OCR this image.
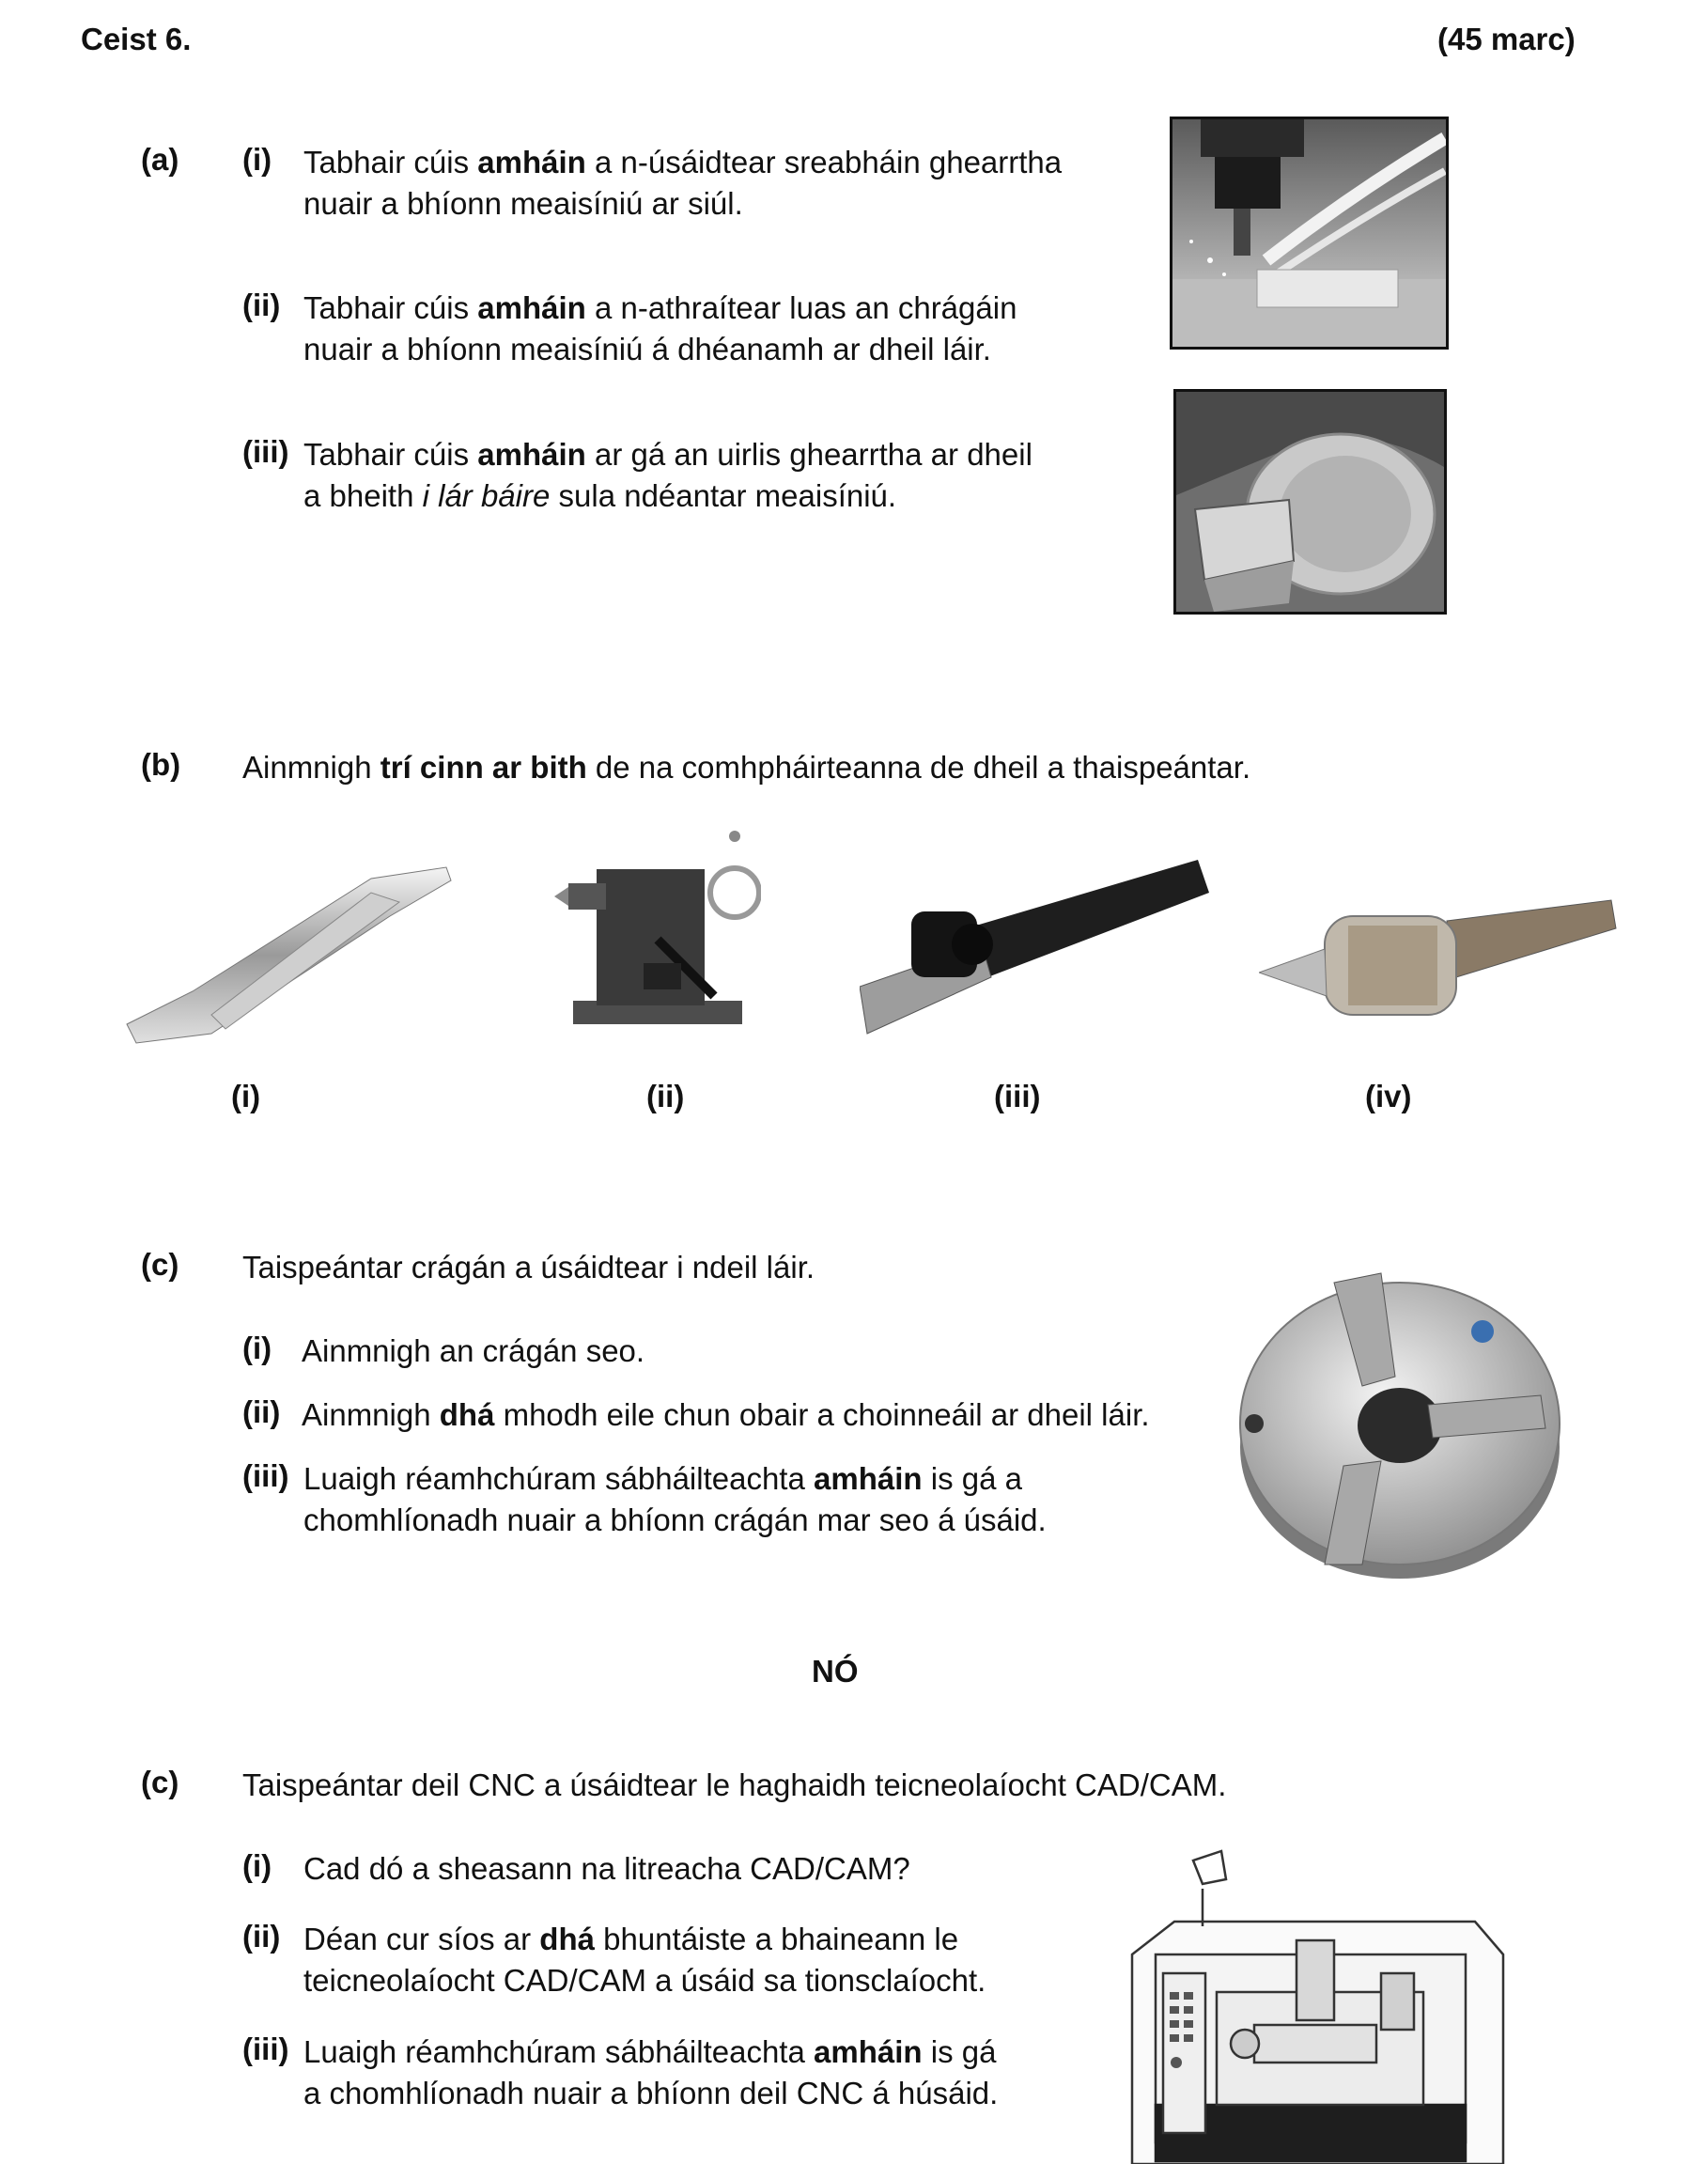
Ceist 6.	(45 marc)
(a) (i) Tabhair cúis amháin a n-úsáidtear sreabháin ghearrtha
nuair a bhíonn meaisíniú ar siúl.
(ii) Tabhair cúis amháin a n-athraítear luas an chrágáin
nuair a bhíonn meaisíniú á dhéanamh ar dheil láir.
(iii) Tabhair cúis amháin ar gá an uirlis ghearrtha ar dheil
a bheith i lár báire sula ndéantar meaisíniú.
(b) Ainmnigh trí cinn ar bith de na comhpháirteanna de dheil a thaispeántar.
(i)	(ii)	(iii)	(iv)
(c) Taispeántar crágán a úsáidtear i ndeil láir.
(i) Ainmnigh an crágán seo.
(ii) Ainmnigh dhá mhodh eile chun obair a choinneáil ar dheil láir.
(iii) Luaigh réamhchúram sábháilteachta amháin is gá a
chomhlíonadh nuair a bhíonn crágán mar seo á úsáid.
NÓ
(c) Taispeántar deil CNC a úsáidtear le haghaidh teicneolaíocht CAD/CAM.
(i) Cad dó a sheasann na litreacha CAD/CAM?
(ii) Déan cur síos ar dhá bhuntáiste a bhaineann le
teicneolaíocht CAD/CAM a úsáid sa tionsclaíocht.
(iii) Luaigh réamhchúram sábháilteachta amháin is gá
a chomhlíonadh nuair a bhíonn deil CNC á húsáid.
